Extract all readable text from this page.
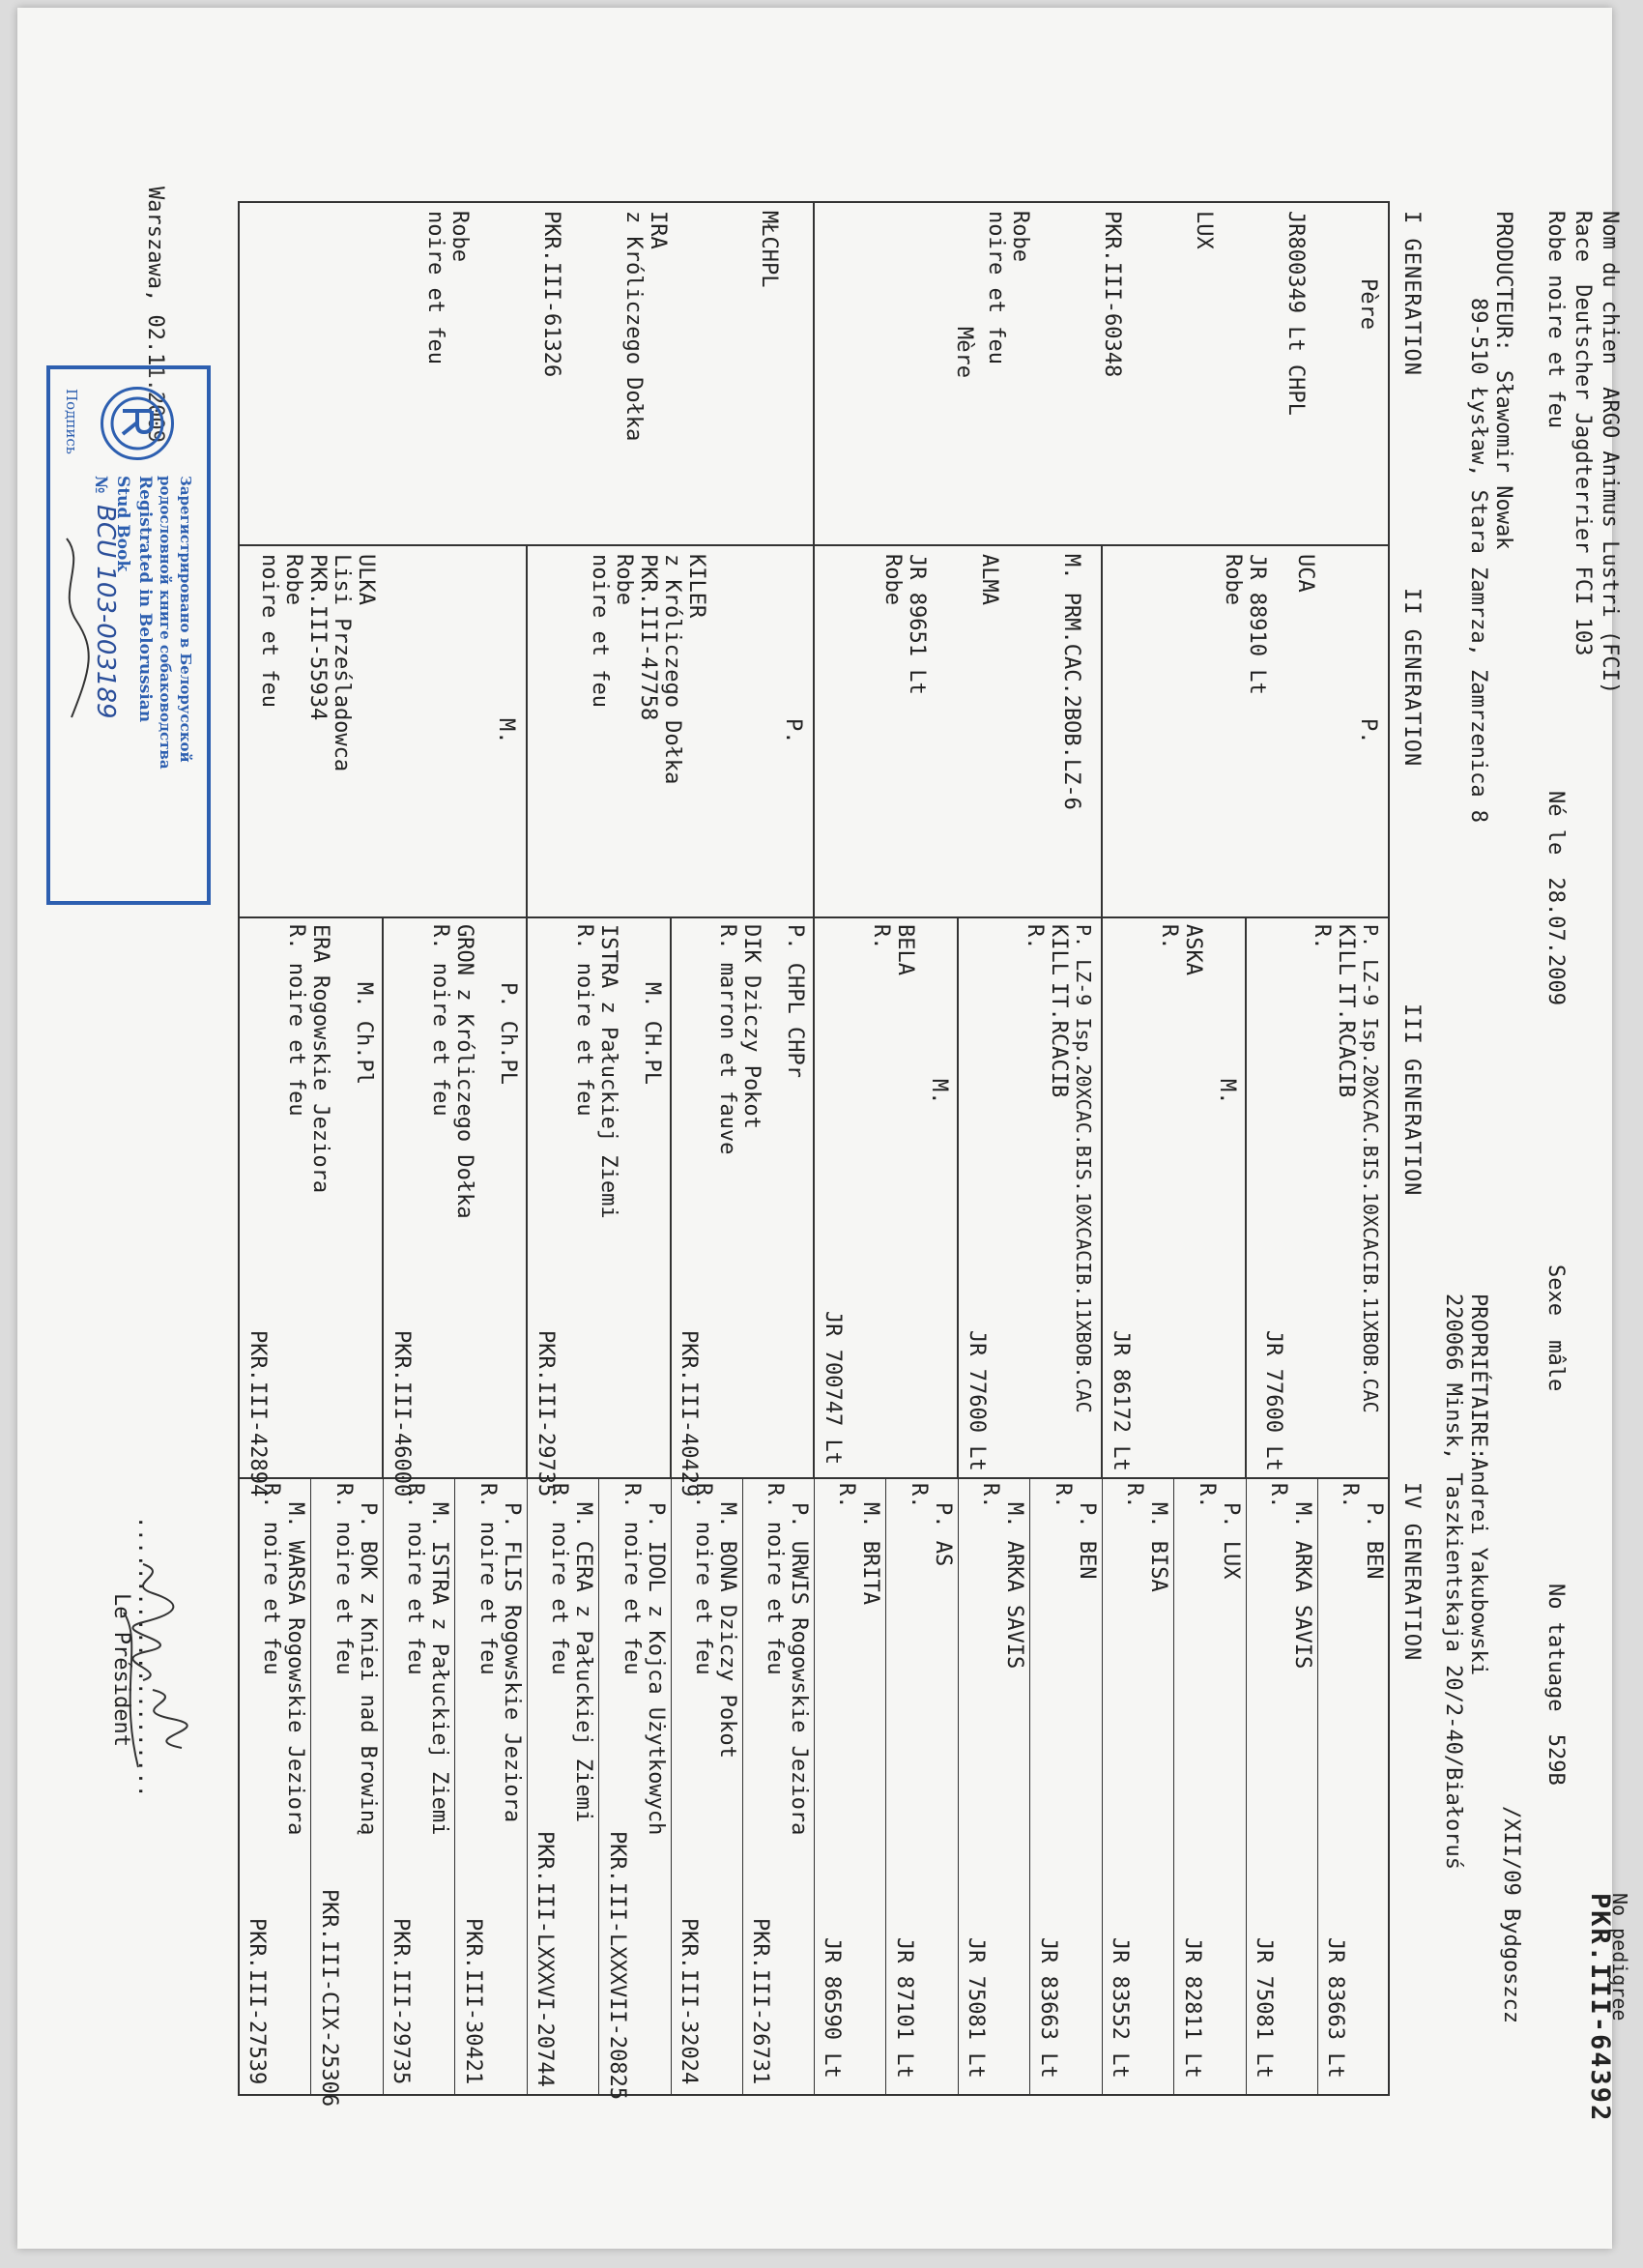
Nom du chien ARGO Animus Lustri (FCI)
Race Deutscher Jagdterrier FCI 103
Robe noire et feu
Né le 28.07.2009
Sexe mâle
No tatuage 529B
/XII/09 Bydgoszcz	No pedigree
PKR.III-64392
PRODUCTEUR:
Sławomir Nowak
89-510 Łysław, Stara Zamrza, Zamrzenica 8
PROPRIÉTAIRE:
Andrei Yakubowski
220066 Minsk, Taszkientskaja 20/2-40/Białoruś
I GENERATION
II GENERATION
III GENERATION
IV GENERATION
Père
JR800349 Lt CHPL
LUX
PKR.III-60348
Robe
noire et feu
Mère
MŁCHPL
IRA
z Króliczego Dołka
PKR.III-61326
Robe
noire et feu
P.
UCA
JR 88910 Lt
Robe
M. PRM.CAC.2BOB.LZ-6
ALMA
JR 89651 Lt
Robe
P.
KILER
z Króliczego Dołka
PKR.III-47758
Robe
noire et feu
M.
ULKA
Lisi Prześladowca
PKR.III-55934
Robe
noire et feu
P. LZ-9 Isp.20XCAC.BIS.10XCACIB.11XBOB.CAC
KILL
IT.RCACIB
R.
JR 77600 Lt
M.
ASKA
R.
JR 86172 Lt
P. LZ-9 Isp.20XCAC.BIS.10XCACIB.11XBOB.CAC
KILL
IT.RCACIB
R.
JR 77600 Lt
M.
BELA
R.
JR 700747 Lt
P. CHPL CHPr
DIK Dziczy Pokot
R. marron et fauve
PKR.III-40429
M. CH.PL
ISTRA z Pałuckiej Ziemi
R. noire et feu
PKR.III-29735
P. Ch.PL
GRON z Króliczego Dołka
R. noire et feu
PKR.III-46000
M. Ch.Pl
ERA Rogowskie Jeziora
R. noire et feu
PKR.III-42894
P. BEN
R.
JR 83663 Lt
M. ARKA SAVIS
R.
JR 75081 Lt
P. LUX
R.
JR 82811 Lt
M. BISA
R.
JR 83552 Lt
P. BEN
R.
JR 83663 Lt
M. ARKA SAVIS
R.
JR 75081 Lt
P. AS
R.
JR 87101 Lt
M. BRITA
R.
JR 86590 Lt
P. URWIS Rogowskie Jeziora
R. noire et feu
PKR.III-26731
M. BONA Dziczy Pokot
R. noire et feu
PKR.III-32024
P. IDOL z Kojca Użytkowych
R. noire et feu
PKR.III-LXXXVII-20825
M. CERA z Pałuckiej Ziemi
R. noire et feu
PKR.III-LXXXVI-20744
P. FLIS Rogowskie Jeziora
R. noire et feu
PKR.III-30421
M. ISTRA z Pałuckiej Ziemi
R. noire et feu
PKR.III-29735
P. BOK z Kniei nad Browiną
R. noire et feu
PKR.III-CIX-25306
M. WARSA Rogowskie Jeziora
R. noire et feu
PKR.III-27539
Warszawa, 02.11.2009
......................
Le Président
Зарегистрировано в Белорусской
родословной книге собаководства
Registrated in Belorussian
Stud Book
№
BCU 103-003189
Подпись
